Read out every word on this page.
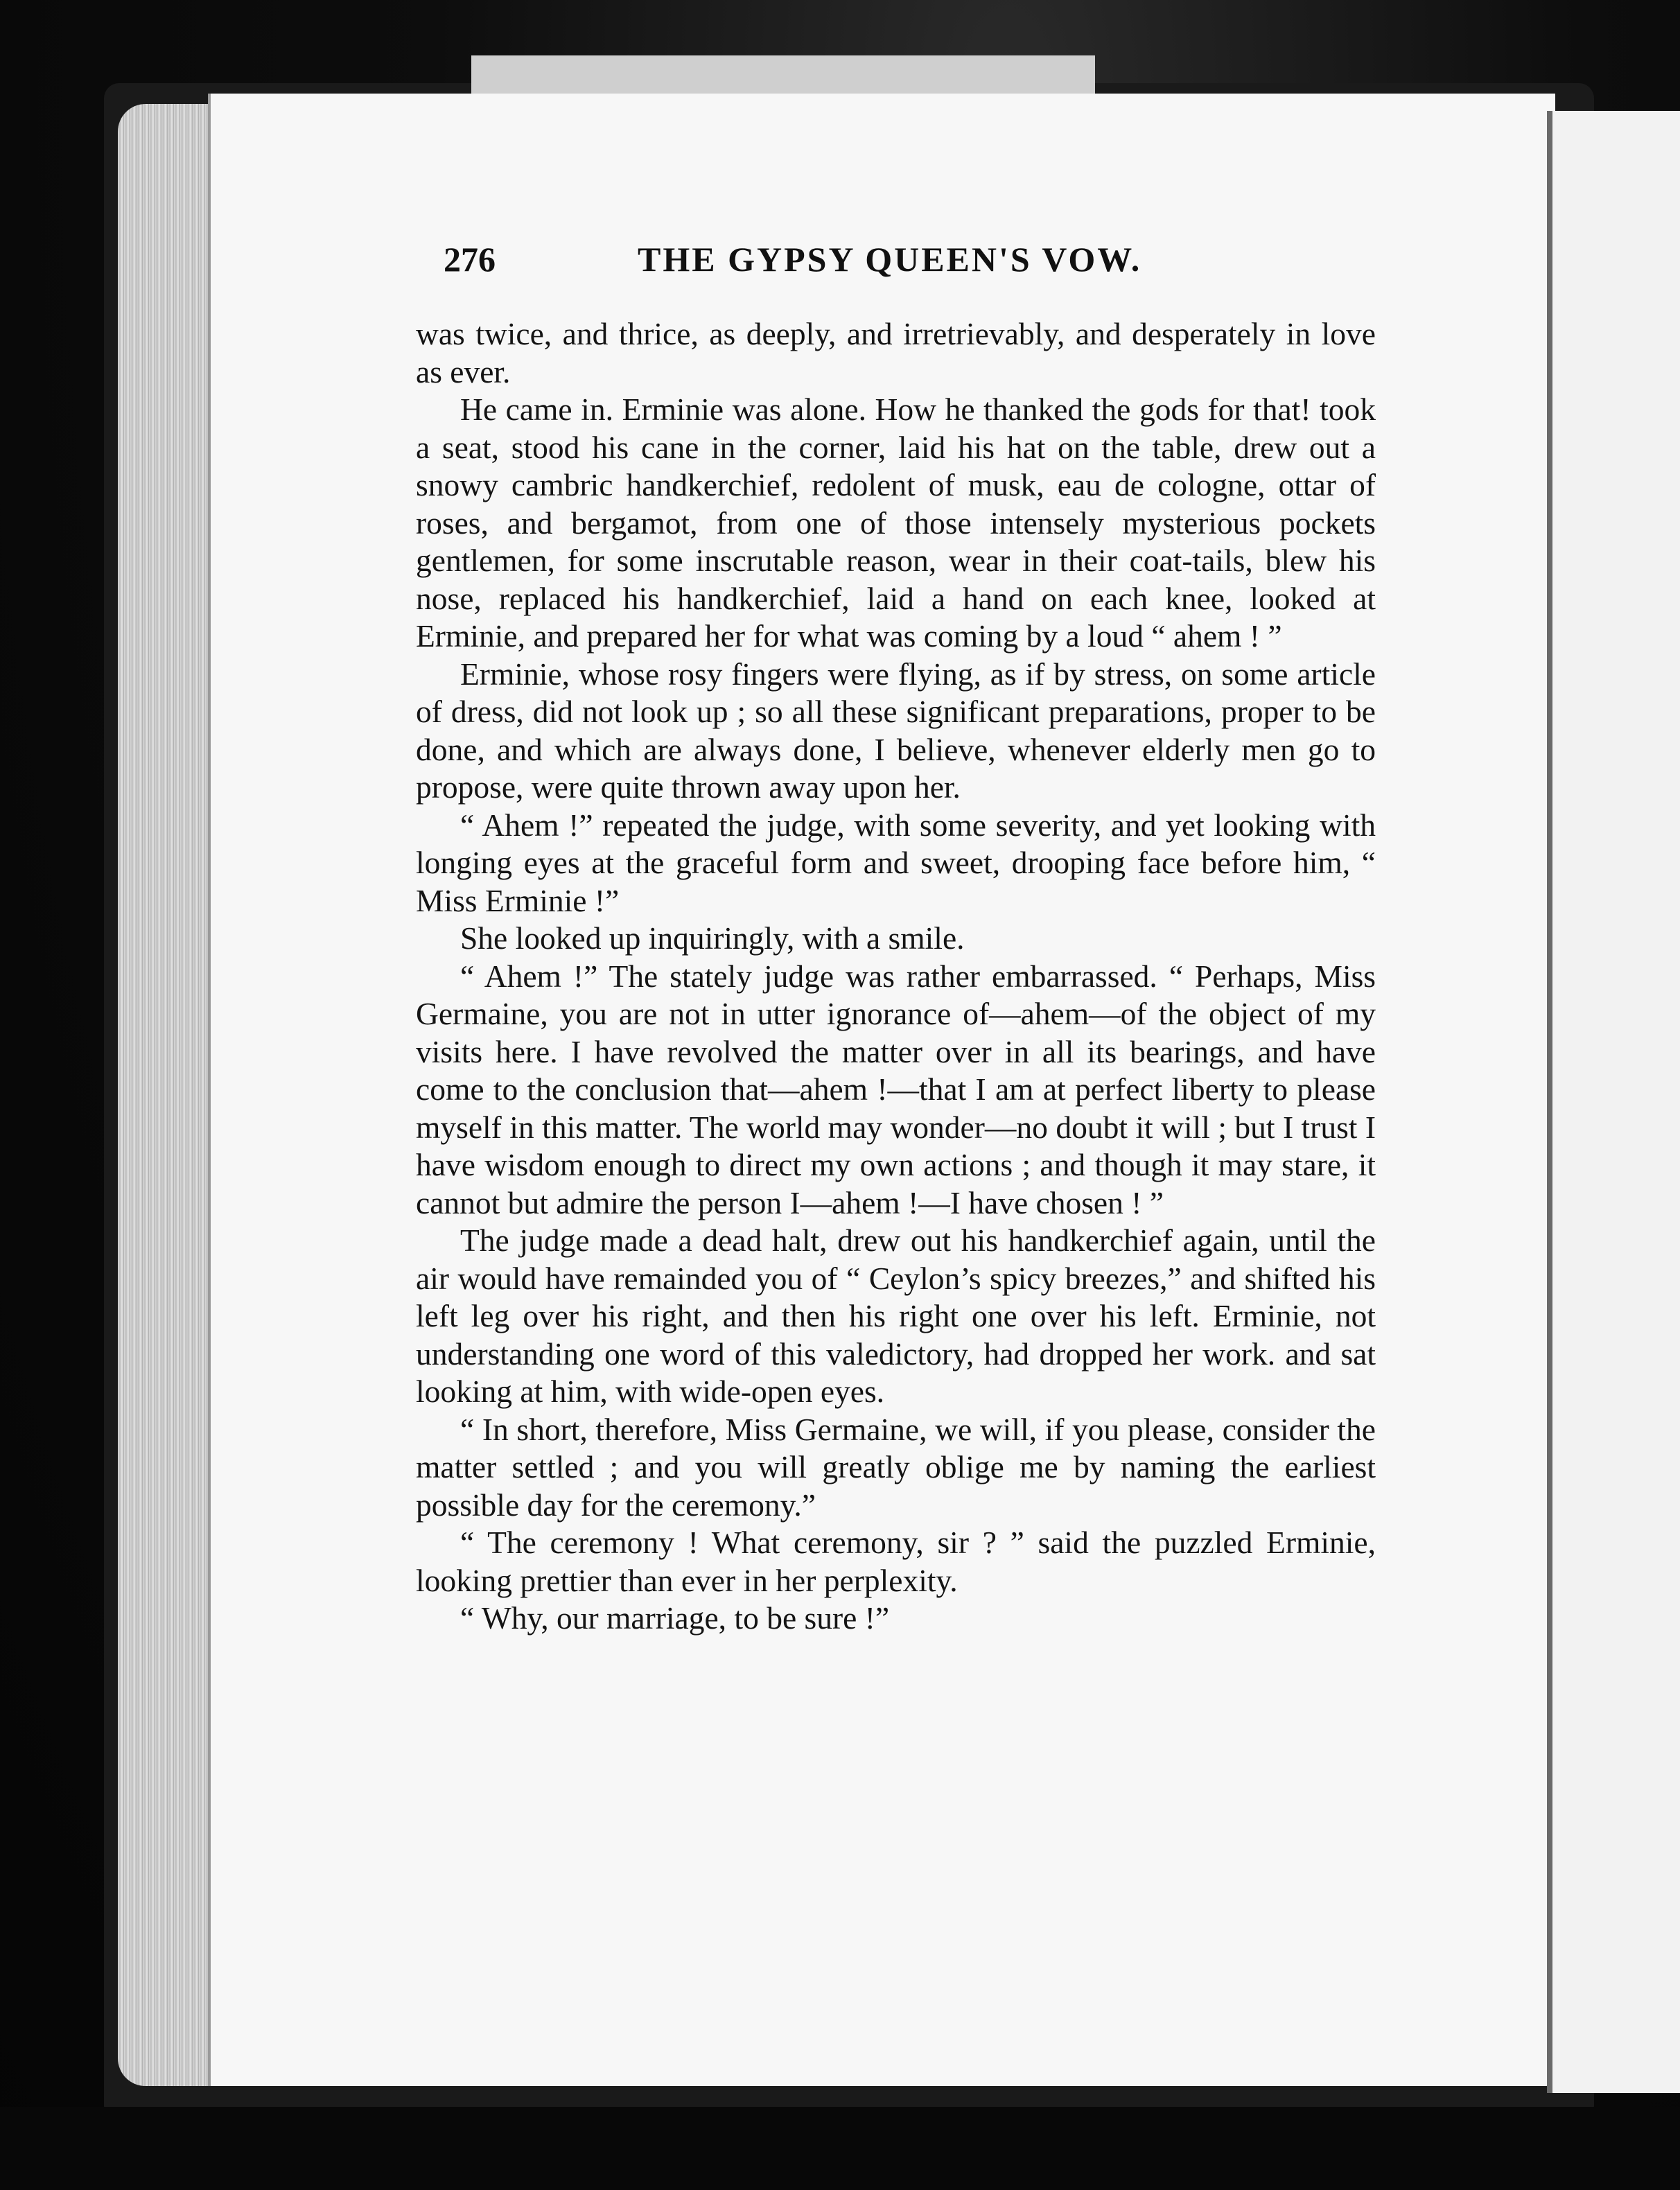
276	THE GYPSY QUEEN'S VOW.

was twice, and thrice, as deeply, and irretrievably, and desperately in love as ever.

He came in. Erminie was alone. How he thanked the gods for that! took a seat, stood his cane in the corner, laid his hat on the table, drew out a snowy cambric handkerchief, redolent of musk, eau de cologne, ottar of roses, and bergamot, from one of those intensely mysterious pockets gentlemen, for some inscrutable reason, wear in their coat-tails, blew his nose, replaced his handkerchief, laid a hand on each knee, looked at Erminie, and prepared her for what was coming by a loud “ ahem ! ”

Erminie, whose rosy fingers were flying, as if by stress, on some article of dress, did not look up ; so all these significant preparations, proper to be done, and which are always done, I believe, whenever elderly men go to propose, were quite thrown away upon her.

“ Ahem !” repeated the judge, with some severity, and yet looking with longing eyes at the graceful form and sweet, drooping face before him, “ Miss Erminie !”

She looked up inquiringly, with a smile.

“ Ahem !” The stately judge was rather embarrassed. “ Perhaps, Miss Germaine, you are not in utter ignorance of—ahem—of the object of my visits here. I have revolved the matter over in all its bearings, and have come to the conclusion that—ahem !—that I am at perfect liberty to please myself in this matter. The world may wonder—no doubt it will ; but I trust I have wisdom enough to direct my own actions ; and though it may stare, it cannot but admire the person I—ahem !—I have chosen ! ”

The judge made a dead halt, drew out his handkerchief again, until the air would have remainded you of “ Ceylon’s spicy breezes,” and shifted his left leg over his right, and then his right one over his left. Erminie, not understanding one word of this valedictory, had dropped her work. and sat looking at him, with wide-open eyes.

“ In short, therefore, Miss Germaine, we will, if you please, consider the matter settled ; and you will greatly oblige me by naming the earliest possible day for the ceremony.”

“ The ceremony ! What ceremony, sir ? ” said the puzzled Erminie, looking prettier than ever in her perplexity.

“ Why, our marriage, to be sure !”
